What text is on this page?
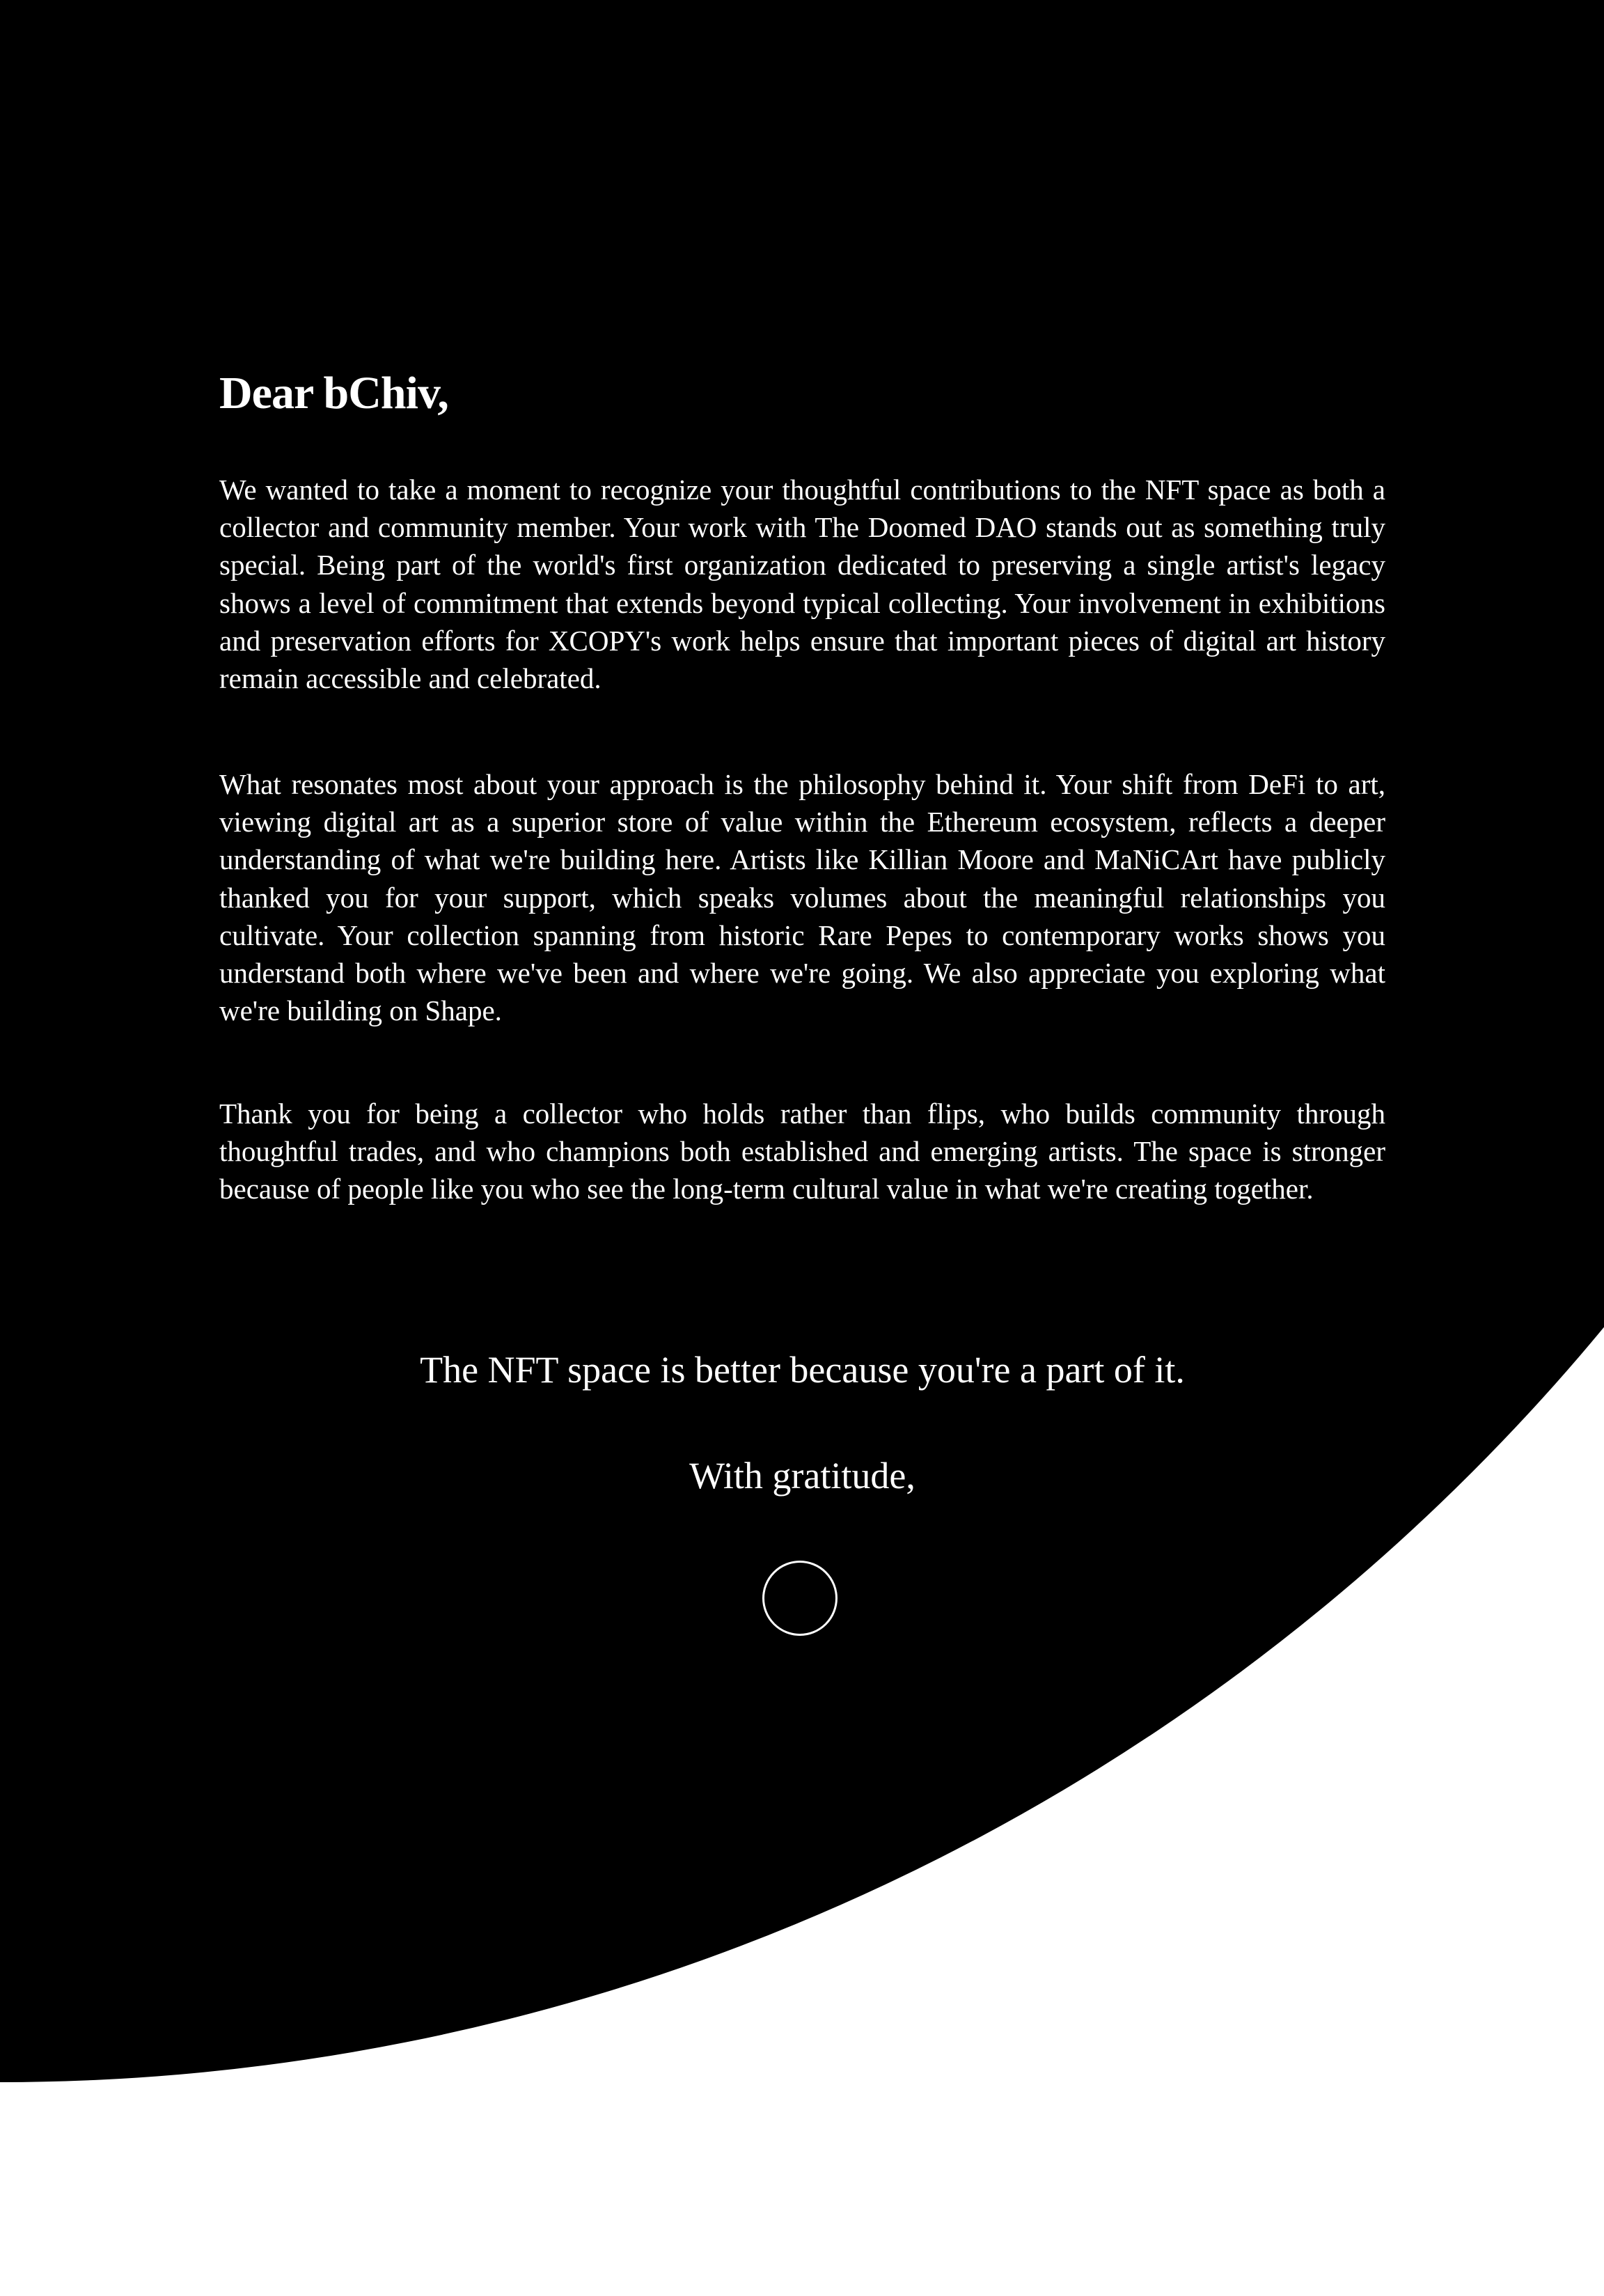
Dear bChiv,

We wanted to take a moment to recognize your thoughtful contributions to the NFT space as both a collector and community member. Your work with The Doomed DAO stands out as something truly special. Being part of the world's first organization dedicated to preserving a single artist's legacy shows a level of commitment that extends beyond typical collecting. Your involvement in exhibitions and preservation efforts for XCOPY's work helps ensure that important pieces of digital art history remain accessible and celebrated.

What resonates most about your approach is the philosophy behind it. Your shift from DeFi to art, viewing digital art as a superior store of value within the Ethereum ecosystem, reflects a deeper understanding of what we're building here. Artists like Killian Moore and MaNiCArt have publicly thanked you for your support, which speaks volumes about the meaningful relationships you cultivate. Your collection spanning from historic Rare Pepes to contemporary works shows you understand both where we've been and where we're going. We also appreciate you exploring what we're building on Shape.

Thank you for being a collector who holds rather than flips, who builds community through thoughtful trades, and who champions both established and emerging artists. The space is stronger because of people like you who see the long-term cultural value in what we're creating together.

The NFT space is better because you're a part of it.

With gratitude,
